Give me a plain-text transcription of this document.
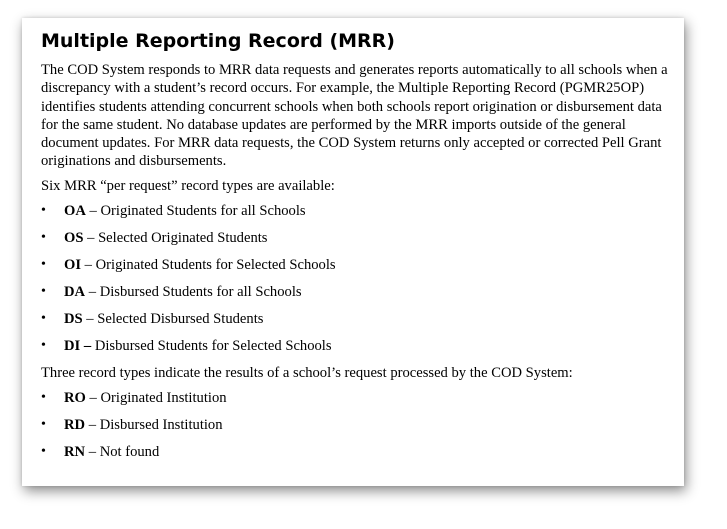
Multiple Reporting Record (MRR)

The COD System responds to MRR data requests and generates reports automatically to all schools when a discrepancy with a student’s record occurs. For example, the Multiple Reporting Record (PGMR25OP) identifies students attending concurrent schools when both schools report origination or disbursement data for the same student. No database updates are performed by the MRR imports outside of the general document updates. For MRR data requests, the COD System returns only accepted or corrected Pell Grant originations and disbursements.

Six MRR “per request” record types are available:

• OA – Originated Students for all Schools
• OS – Selected Originated Students
• OI – Originated Students for Selected Schools
• DA – Disbursed Students for all Schools
• DS – Selected Disbursed Students
• DI – Disbursed Students for Selected Schools

Three record types indicate the results of a school’s request processed by the COD System:

• RO – Originated Institution
• RD – Disbursed Institution
• RN – Not found
